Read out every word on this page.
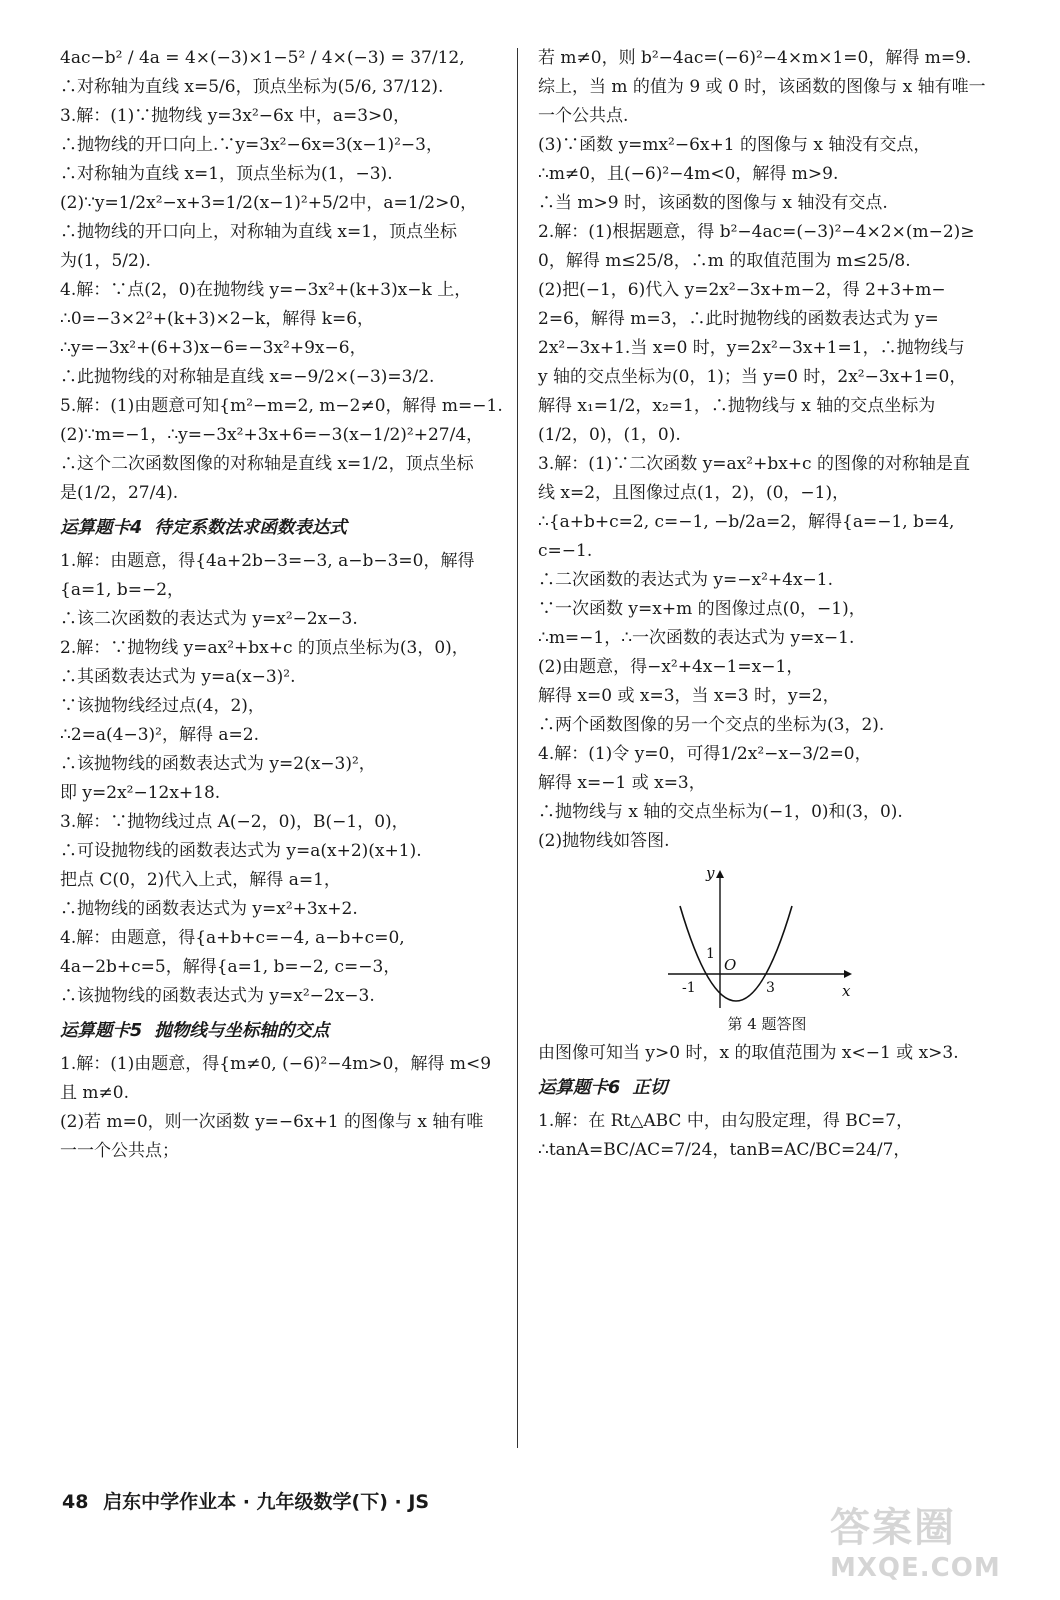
4ac−b² / 4a = 4×(−3)×1−5² / 4×(−3) = 37/12,
∴对称轴为直线 x=5/6，顶点坐标为(5/6, 37/12).
3.解：(1)∵抛物线 y=3x²−6x 中，a=3>0，
∴抛物线的开口向上.∵y=3x²−6x=3(x−1)²−3，
∴对称轴为直线 x=1，顶点坐标为(1，−3).
(2)∵y=1/2x²−x+3=1/2(x−1)²+5/2中，a=1/2>0，
∴抛物线的开口向上，对称轴为直线 x=1，顶点坐标
为(1，5/2).
4.解：∵点(2，0)在抛物线 y=−3x²+(k+3)x−k 上，
∴0=−3×2²+(k+3)×2−k，解得 k=6，
∴y=−3x²+(6+3)x−6=−3x²+9x−6，
∴此抛物线的对称轴是直线 x=−9/2×(−3)=3/2.
5.解：(1)由题意可知{m²−m=2, m−2≠0，解得 m=−1.
(2)∵m=−1，∴y=−3x²+3x+6=−3(x−1/2)²+27/4，
∴这个二次函数图像的对称轴是直线 x=1/2，顶点坐标
是(1/2，27/4).
运算题卡4  待定系数法求函数表达式
1.解：由题意，得{4a+2b−3=−3, a−b−3=0，解得{a=1, b=−2，
∴该二次函数的表达式为 y=x²−2x−3.
2.解：∵抛物线 y=ax²+bx+c 的顶点坐标为(3，0)，
∴其函数表达式为 y=a(x−3)².
∵该抛物线经过点(4，2)，
∴2=a(4−3)²，解得 a=2.
∴该抛物线的函数表达式为 y=2(x−3)²，
即 y=2x²−12x+18.
3.解：∵抛物线过点 A(−2，0)，B(−1，0)，
∴可设抛物线的函数表达式为 y=a(x+2)(x+1).
把点 C(0，2)代入上式，解得 a=1，
∴抛物线的函数表达式为 y=x²+3x+2.
4.解：由题意，得{a+b+c=−4, a−b+c=0, 4a−2b+c=5，解得{a=1, b=−2, c=−3，
∴该抛物线的函数表达式为 y=x²−2x−3.
运算题卡5  抛物线与坐标轴的交点
1.解：(1)由题意，得{m≠0, (−6)²−4m>0，解得 m<9 且 m≠0.
(2)若 m=0，则一次函数 y=−6x+1 的图像与 x 轴有唯
一一个公共点；
若 m≠0，则 b²−4ac=(−6)²−4×m×1=0，解得 m=9.
综上，当 m 的值为 9 或 0 时，该函数的图像与 x 轴有唯一
一个公共点.
(3)∵函数 y=mx²−6x+1 的图像与 x 轴没有交点，
∴m≠0，且(−6)²−4m<0，解得 m>9.
∴当 m>9 时，该函数的图像与 x 轴没有交点.
2.解：(1)根据题意，得 b²−4ac=(−3)²−4×2×(m−2)≥
0，解得 m≤25/8，∴m 的取值范围为 m≤25/8.
(2)把(−1，6)代入 y=2x²−3x+m−2，得 2+3+m−
2=6，解得 m=3，∴此时抛物线的函数表达式为 y=
2x²−3x+1.当 x=0 时，y=2x²−3x+1=1，∴抛物线与
y 轴的交点坐标为(0，1)；当 y=0 时，2x²−3x+1=0，
解得 x₁=1/2，x₂=1，∴抛物线与 x 轴的交点坐标为
(1/2，0)，(1，0).
3.解：(1)∵二次函数 y=ax²+bx+c 的图像的对称轴是直
线 x=2，且图像过点(1，2)，(0，−1)，
∴{a+b+c=2, c=−1, −b/2a=2，解得{a=−1, b=4, c=−1.
∴二次函数的表达式为 y=−x²+4x−1.
∵一次函数 y=x+m 的图像过点(0，−1)，
∴m=−1，∴一次函数的表达式为 y=x−1.
(2)由题意，得−x²+4x−1=x−1，
解得 x=0 或 x=3，当 x=3 时，y=2，
∴两个函数图像的另一个交点的坐标为(3，2).
4.解：(1)令 y=0，可得1/2x²−x−3/2=0，
解得 x=−1 或 x=3，
∴抛物线与 x 轴的交点坐标为(−1，0)和(3，0).
(2)抛物线如答图.
y
x
O
-1	3
1
第 4 题答图
由图像可知当 y>0 时，x 的取值范围为 x<−1 或 x>3.
运算题卡6  正切
1.解：在 Rt△ABC 中，由勾股定理，得 BC=7，
∴tanA=BC/AC=7/24，tanB=AC/BC=24/7，
48 启东中学作业本 · 九年级数学(下) · JS
答案圈
MXQE.COM
